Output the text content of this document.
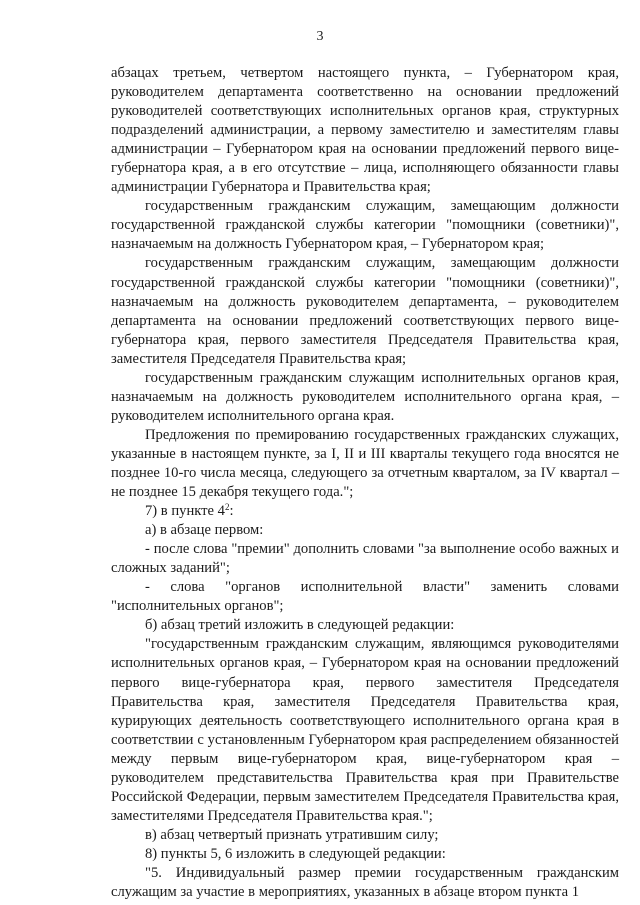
3

абзацах третьем, четвертом настоящего пункта, – Губернатором края, руководителем департамента соответственно на основании предложений руководителей соответствующих исполнительных органов края, структурных подразделений администрации, а первому заместителю и заместителям главы администрации – Губернатором края на основании предложений первого вице-губернатора края, а в его отсутствие – лица, исполняющего обязанности главы администрации Губернатора и Правительства края;

государственным гражданским служащим, замещающим должности государственной гражданской службы категории "помощники (советники)", назначаемым на должность Губернатором края, – Губернатором края;

государственным гражданским служащим, замещающим должности государственной гражданской службы категории "помощники (советники)", назначаемым на должность руководителем департамента, – руководителем департамента на основании предложений соответствующих первого вице-губернатора края, первого заместителя Председателя Правительства края, заместителя Председателя Правительства края;

государственным гражданским служащим исполнительных органов края, назначаемым на должность руководителем исполнительного органа края, – руководителем исполнительного органа края.

Предложения по премированию государственных гражданских служащих, указанные в настоящем пункте, за I, II и III кварталы текущего года вносятся не позднее 10-го числа месяца, следующего за отчетным кварталом, за IV квартал – не позднее 15 декабря текущего года.";

7) в пункте $4^2$:

а) в абзаце первом:

- после слова "премии" дополнить словами "за выполнение особо важных и сложных заданий";

- слова "органов исполнительной власти" заменить словами "исполнительных органов";

б) абзац третий изложить в следующей редакции:

"государственным гражданским служащим, являющимся руководителями исполнительных органов края, – Губернатором края на основании предложений первого вице-губернатора края, первого заместителя Председателя Правительства края, заместителя Председателя Правительства края, курирующих деятельность соответствующего исполнительного органа края в соответствии с установленным Губернатором края распределением обязанностей между первым вице-губернатором края, вице-губернатором края – руководителем представительства Правительства края при Правительстве Российской Федерации, первым заместителем Председателя Правительства края, заместителями Председателя Правительства края.";

в) абзац четвертый признать утратившим силу;

8) пункты 5, 6 изложить в следующей редакции:

"5. Индивидуальный размер премии государственным гражданским служащим за участие в мероприятиях, указанных в абзаце втором пункта 1
